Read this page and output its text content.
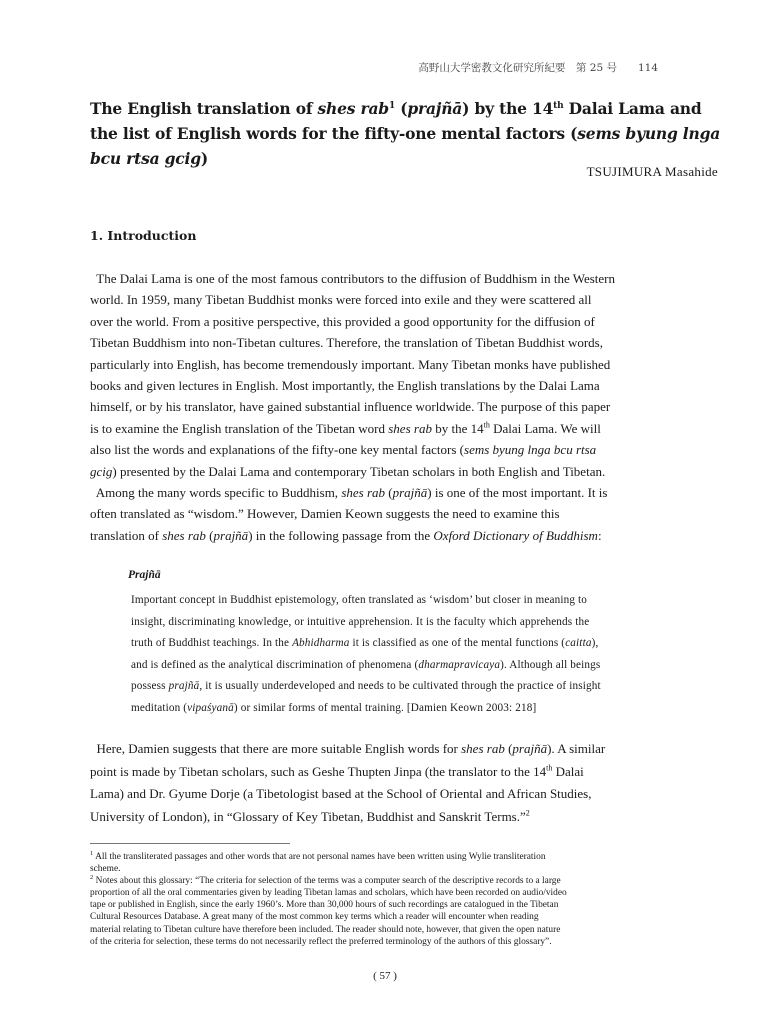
高野山大学密教文化研究所紀要　第 25 号　　114
The English translation of shes rab$^1$ (prajñā) by the 14th Dalai Lama and the list of English words for the fifty-one mental factors (sems byung lnga bcu rtsa gcig)
TSUJIMURA Masahide
1. Introduction
The Dalai Lama is one of the most famous contributors to the diffusion of Buddhism in the Western
world. In 1959, many Tibetan Buddhist monks were forced into exile and they were scattered all
over the world. From a positive perspective, this provided a good opportunity for the diffusion of
Tibetan Buddhism into non-Tibetan cultures. Therefore, the translation of Tibetan Buddhist words,
particularly into English, has become tremendously important. Many Tibetan monks have published
books and given lectures in English. Most importantly, the English translations by the Dalai Lama
himself, or by his translator, have gained substantial influence worldwide. The purpose of this paper
is to examine the English translation of the Tibetan word shes rab by the 14th Dalai Lama. We will
also list the words and explanations of the fifty-one key mental factors (sems byung lnga bcu rtsa
gcig) presented by the Dalai Lama and contemporary Tibetan scholars in both English and Tibetan.
Among the many words specific to Buddhism, shes rab (prajñā) is one of the most important. It is
often translated as “wisdom.” However, Damien Keown suggests the need to examine this
translation of shes rab (prajñā) in the following passage from the Oxford Dictionary of Buddhism:
Prajñā
Important concept in Buddhist epistemology, often translated as ‘wisdom’ but closer in meaning to
insight, discriminating knowledge, or intuitive apprehension. It is the faculty which apprehends the
truth of Buddhist teachings. In the Abhidharma it is classified as one of the mental functions (caitta),
and is defined as the analytical discrimination of phenomena (dharmapravicaya). Although all beings
possess prajñā, it is usually underdeveloped and needs to be cultivated through the practice of insight
meditation (vipaśyanā) or similar forms of mental training. [Damien Keown 2003: 218]
Here, Damien suggests that there are more suitable English words for shes rab (prajñā). A similar
point is made by Tibetan scholars, such as Geshe Thupten Jinpa (the translator to the 14th Dalai
Lama) and Dr. Gyume Dorje (a Tibetologist based at the School of Oriental and African Studies,
University of London), in “Glossary of Key Tibetan, Buddhist and Sanskrit Terms.”$^2$
$^1$ All the transliterated passages and other words that are not personal names have been written using Wylie transliteration
scheme.
$^2$ Notes about this glossary: “The criteria for selection of the terms was a computer search of the descriptive records to a large
proportion of all the oral commentaries given by leading Tibetan lamas and scholars, which have been recorded on audio/video
tape or published in English, since the early 1960’s. More than 30,000 hours of such recordings are catalogued in the Tibetan
Cultural Resources Database. A great many of the most common key terms which a reader will encounter when reading
material relating to Tibetan culture have therefore been included. The reader should note, however, that given the open nature
of the criteria for selection, these terms do not necessarily reflect the preferred terminology of the authors of this glossary”.
( 57 )
